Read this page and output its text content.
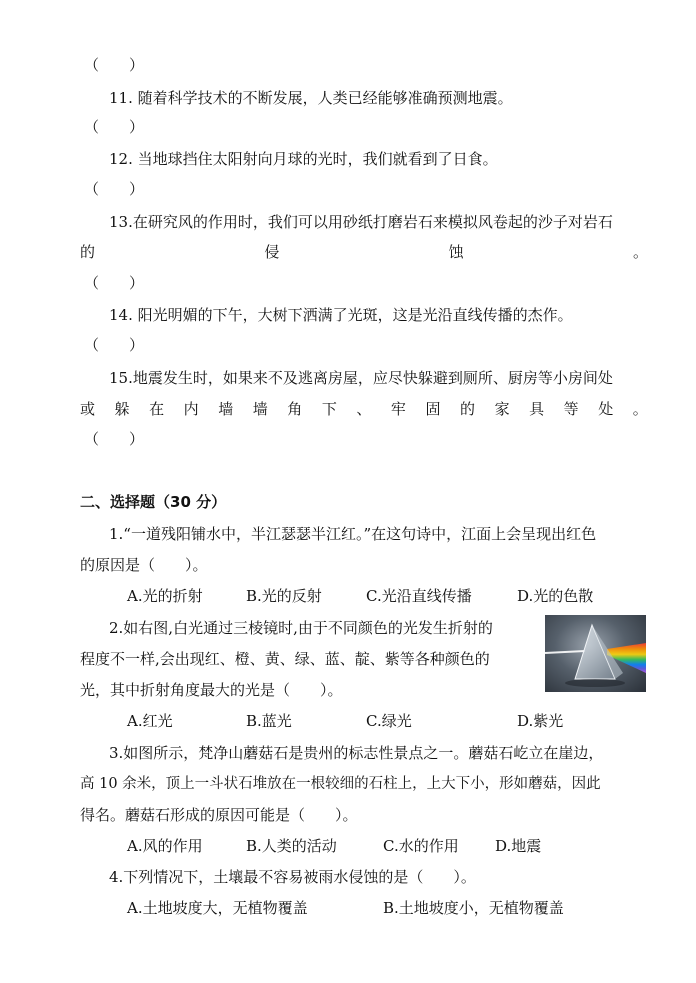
（　　）
11. 随着科学技术的不断发展，人类已经能够准确预测地震。
（　　）
12. 当地球挡住太阳射向月球的光时，我们就看到了日食。
（　　）
13.在研究风的作用时，我们可以用砂纸打磨岩石来模拟风卷起的沙子对岩石
的	侵	蚀	。
（　　）
14. 阳光明媚的下午，大树下洒满了光斑，这是光沿直线传播的杰作。
（　　）
15.地震发生时，如果来不及逃离房屋，应尽快躲避到厕所、厨房等小房间处
或 躲 在 内 墙 墙 角 下 、 牢 固 的 家 具 等 处 。
（　　）
二、选择题（30 分）
1.“一道残阳铺水中，半江瑟瑟半江红。”在这句诗中，江面上会呈现出红色
的原因是（　　）。
A.光的折射	B.光的反射	C.光沿直线传播	D.光的色散
2.如右图,白光通过三棱镜时,由于不同颜色的光发生折射的
程度不一样,会出现红、橙、黄、绿、蓝、靛、紫等各种颜色的
光，其中折射角度最大的光是（　　）。
A.红光	B.蓝光	C.绿光	D.紫光
3.如图所示，梵净山蘑菇石是贵州的标志性景点之一。蘑菇石屹立在崖边，
高 10 余米，顶上一斗状石堆放在一根较细的石柱上，上大下小，形如蘑菇，因此
得名。蘑菇石形成的原因可能是（　　）。
A.风的作用	B.人类的活动	C.水的作用 D.地震
4.下列情况下，土壤最不容易被雨水侵蚀的是（　　）。
A.土地坡度大，无植物覆盖	B.土地坡度小，无植物覆盖
